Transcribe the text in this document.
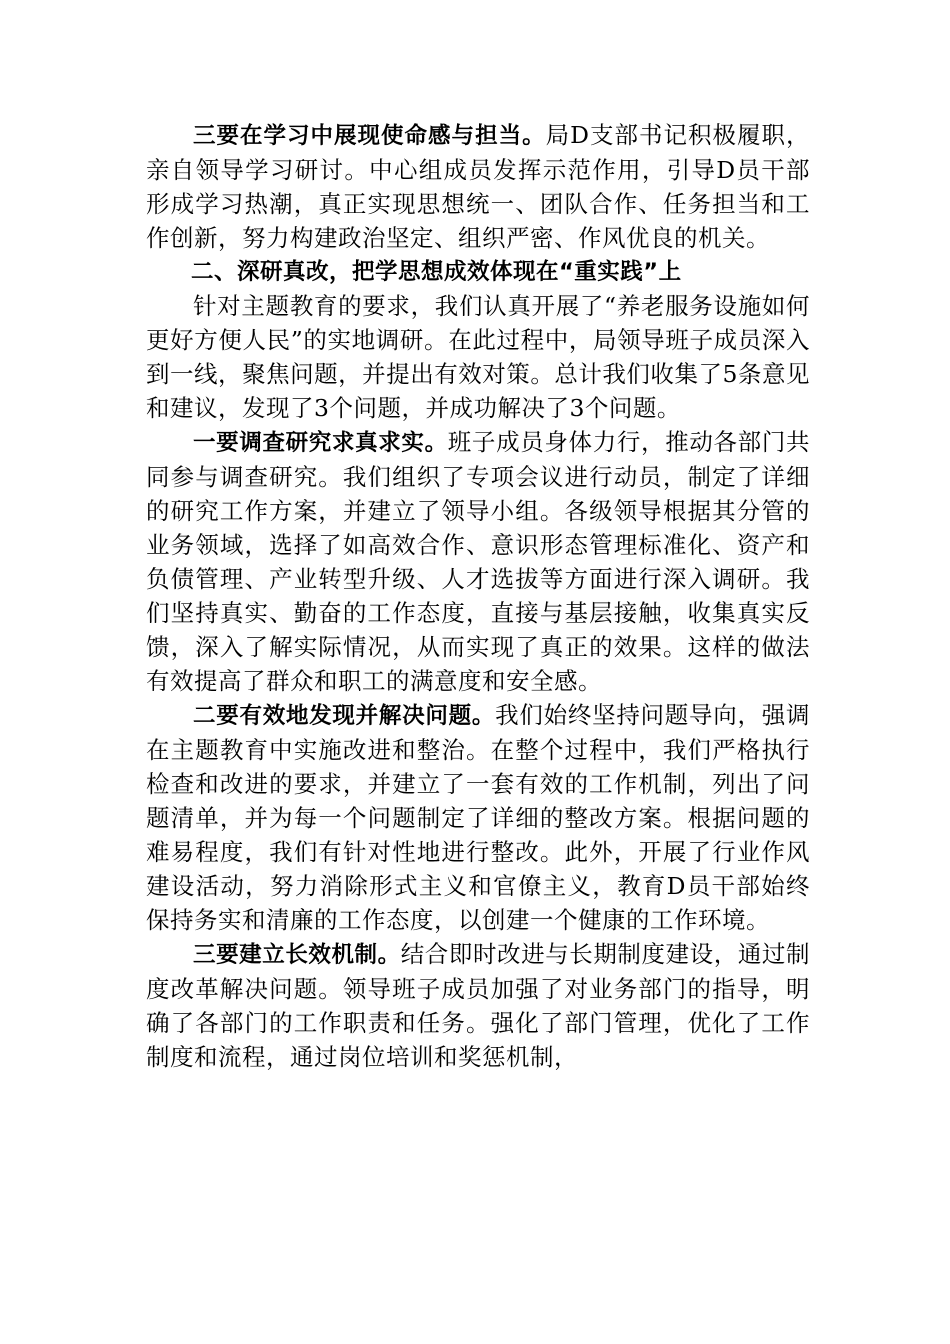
三要在学习中展现使命感与担当。局D支部书记积极履职，亲自领导学习研讨。中心组成员发挥示范作用，引导D员干部形成学习热潮，真正实现思想统一、团队合作、任务担当和工作创新，努力构建政治坚定、组织严密、作风优良的机关。

二、深研真改，把学思想成效体现在“重实践”上

针对主题教育的要求，我们认真开展了“养老服务设施如何更好方便人民”的实地调研。在此过程中，局领导班子成员深入到一线，聚焦问题，并提出有效对策。总计我们收集了5条意见和建议，发现了3个问题，并成功解决了3个问题。

一要调查研究求真求实。班子成员身体力行，推动各部门共同参与调查研究。我们组织了专项会议进行动员，制定了详细的研究工作方案，并建立了领导小组。各级领导根据其分管的业务领域，选择了如高效合作、意识形态管理标准化、资产和负债管理、产业转型升级、人才选拔等方面进行深入调研。我们坚持真实、勤奋的工作态度，直接与基层接触，收集真实反馈，深入了解实际情况，从而实现了真正的效果。这样的做法有效提高了群众和职工的满意度和安全感。

二要有效地发现并解决问题。我们始终坚持问题导向，强调在主题教育中实施改进和整治。在整个过程中，我们严格执行检查和改进的要求，并建立了一套有效的工作机制，列出了问题清单，并为每一个问题制定了详细的整改方案。根据问题的难易程度，我们有针对性地进行整改。此外，开展了行业作风建设活动，努力消除形式主义和官僚主义，教育D员干部始终保持务实和清廉的工作态度，以创建一个健康的工作环境。

三要建立长效机制。结合即时改进与长期制度建设，通过制度改革解决问题。领导班子成员加强了对业务部门的指导，明确了各部门的工作职责和任务。强化了部门管理，优化了工作制度和流程，通过岗位培训和奖惩机制，
